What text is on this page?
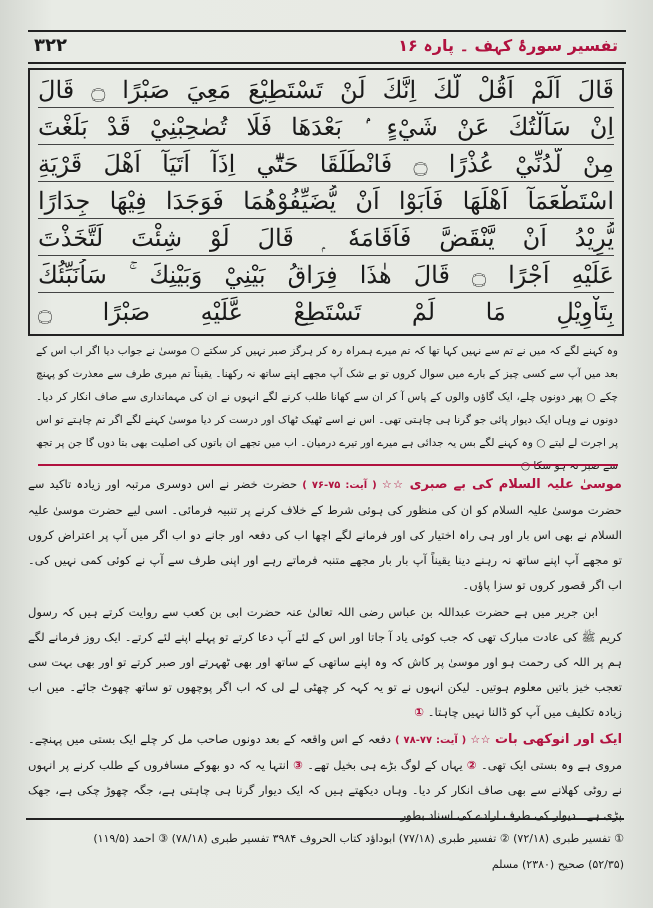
۳۲۲	تفسیر سورۂ کہف ۔ پارہ ۱۶
قَالَ اَلَمْ اَقُلْ لَّكَ اِنَّكَ لَنْ تَسْتَطِيْعَ مَعِيَ صَبْرًا ۝ قَالَ
اِنْ سَاَلْتُكَ عَنْ شَيْءٍ ۢ بَعْدَهَا فَلَا تُصٰحِبْنِيْ قَدْ بَلَغْتَ
مِنْ لَّدُنِّيْ عُذْرًا ۝ فَانْطَلَقَا حَتّٰٓي اِذَآ اَتَيَآ اَهْلَ قَرْيَةِ
اسْتَطْعَمَآ اَهْلَهَا فَاَبَوْا اَنْ يُّضَيِّفُوْهُمَا فَوَجَدَا فِيْهَا جِدَارًا
يُّرِيْدُ اَنْ يَّنْقَضَّ فَاَقَامَهٗ ۭ قَالَ لَوْ شِئْتَ لَتَّخَذْتَ
عَلَيْهِ اَجْرًا ۝ قَالَ هٰذَا فِرَاقُ بَيْنِيْ وَبَيْنِكَ ۚ سَاُنَبِّئُكَ
بِتَاْوِيْلِ مَا لَمْ تَسْتَطِعْ عَّلَيْهِ صَبْرًا ۝
وہ کہنے لگے کہ میں نے تم سے نہیں کہا تھا کہ تم میرے ہمراہ رہ کر ہرگز صبر نہیں کر سکتے ○ موسیٰ نے جواب دیا اگر اب اس کے بعد میں آپ سے کسی چیز کے بارے میں سوال کروں تو بے شک آپ مجھے اپنے ساتھ نہ رکھنا۔ یقیناً تم میری طرف سے معذرت کو پہنچ چکے ○ پھر دونوں چلے، ایک گاؤں والوں کے پاس آ کر ان سے کھانا طلب کرنے لگے انہوں نے ان کی مہمانداری سے صاف انکار کر دیا۔ دونوں نے وہاں ایک دیوار پائی جو گرنا ہی چاہتی تھی۔ اس نے اسے ٹھیک ٹھاک اور درست کر دیا موسیٰ کہنے لگے اگر تم چاہتے تو اس پر اجرت لے لیتے ○ وہ کہنے لگے بس یہ جدائی ہے میرے اور تیرے درمیان۔ اب میں تجھے ان باتوں کی اصلیت بھی بتا دوں گا جن پر تجھ سے صبر نہ ہو سکا ○

موسیٰ علیہ السلام کی بے صبری ☆☆ ( آیت: ۷۵-۷۶ ) حضرت خضر نے اس دوسری مرتبہ اور زیادہ تاکید سے حضرت موسیٰ علیہ السلام کو ان کی منظور کی ہوئی شرط کے خلاف کرنے پر تنبیہ فرمائی۔ اسی لیے حضرت موسیٰ علیہ السلام نے بھی اس بار اور ہی راہ اختیار کی اور فرمانے لگے اچھا اب کی دفعہ اور جانے دو اب اگر میں آپ پر اعتراض کروں تو مجھے آپ اپنے ساتھ نہ رہنے دینا یقیناً آپ بار بار مجھے متنبہ فرماتے رہے اور اپنی طرف سے آپ نے کوئی کمی نہیں کی۔ اب اگر قصور کروں تو سزا پاؤں۔

ابن جریر میں ہے حضرت عبداللہ بن عباس رضی اللہ تعالیٰ عنہ حضرت ابی بن کعب سے روایت کرتے ہیں کہ رسول کریم ﷺ کی عادت مبارک تھی کہ جب کوئی یاد آ جاتا اور اس کے لئے آپ دعا کرتے تو پہلے اپنے لئے کرتے۔ ایک روز فرمانے لگے ہم پر اللہ کی رحمت ہو اور موسیٰ پر کاش کہ وہ اپنے ساتھی کے ساتھ اور بھی ٹھہرتے اور صبر کرتے تو اور بھی بہت سی تعجب خیز باتیں معلوم ہوتیں۔ لیکن انہوں نے تو یہ کہہ کر چھٹی لے لی کہ اب اگر پوچھوں تو ساتھ چھوٹ جائے۔ میں اب زیادہ تکلیف میں آپ کو ڈالنا نہیں چاہتا۔ ①

ایک اور انوکھی بات ☆☆ ( آیت: ۷۷-۷۸ ) دفعہ کے اس واقعہ کے بعد دونوں صاحب مل کر چلے ایک بستی میں پہنچے۔ مروی ہے وہ بستی ایک تھی۔ ② یہاں کے لوگ بڑے ہی بخیل تھے۔ ③ انتہا یہ کہ دو بھوکے مسافروں کے طلب کرنے پر انہوں نے روٹی کھلانے سے بھی صاف انکار کر دیا۔ وہاں دیکھتے ہیں کہ ایک دیوار گرنا ہی چاہتی ہے، جگہ چھوڑ چکی ہے، جھک پڑی ہے۔ دیوار کی طرف ارادے کی اسناد بطور

① تفسیر طبری (۷۲/۱۸) ② تفسیر طبری (۷۷/۱۸) ابوداؤد کتاب الحروف ۳۹۸۴ تفسیر طبری (۷۸/۱۸) ③ احمد (۱۱۹/۵)
(۵۲/۳۵) صحیح (۲۳۸۰) مسلم
